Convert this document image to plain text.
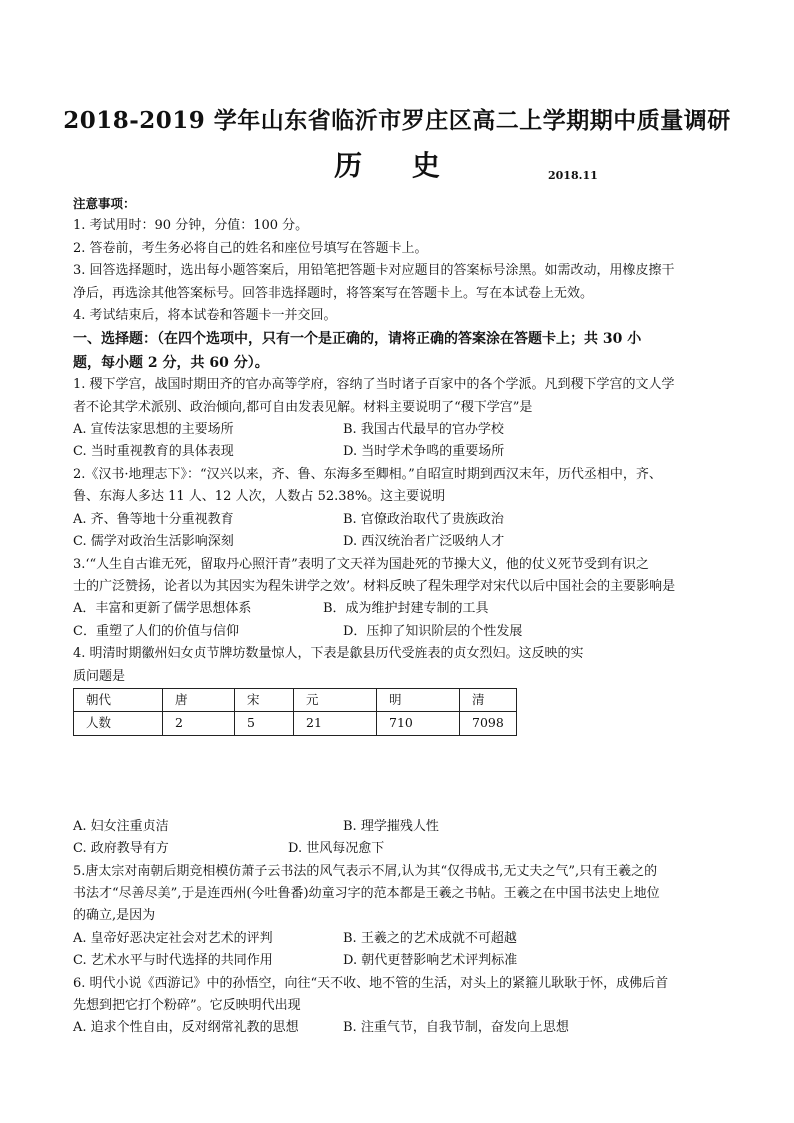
2018-2019 学年山东省临沂市罗庄区高二上学期期中质量调研
历 史	2018.11

注意事项：

1. 考试用时：90 分钟，分值：100 分。

2. 答卷前，考生务必将自己的姓名和座位号填写在答题卡上。

3. 回答选择题时，选出每小题答案后，用铅笔把答题卡对应题目的答案标号涂黑。如需改动，用橡皮擦干

净后，再选涂其他答案标号。回答非选择题时，将答案写在答题卡上。写在本试卷上无效。

4. 考试结束后，将本试卷和答题卡一并交回。

一、选择题：（在四个选项中，只有一个是正确的，请将正确的答案涂在答题卡上；共 30 小

题，每小题 2 分，共 60 分）。

1. 稷下学宫，战国时期田齐的官办高等学府，容纳了当时诸子百家中的各个学派。凡到稷下学宫的文人学

者不论其学术派别、政治倾向,都可自由发表见解。材料主要说明了“稷下学宫”是

A. 宣传法家思想的主要场所	B. 我国古代最早的官办学校
C. 当时重视教育的具体表现	D. 当时学术争鸣的重要场所

2.《汉书·地理志下》：“汉兴以来，齐、鲁、东海多至卿相。”自昭宣时期到西汉末年，历代丞相中，齐、

鲁、东海人多达 11 人、12 人次，人数占 52.38%。这主要说明

A. 齐、鲁等地十分重视教育	B. 官僚政治取代了贵族政治
C. 儒学对政治生活影响深刻	D. 西汉统治者广泛吸纳人才

3.‘“人生自古谁无死，留取丹心照汗青”表明了文天祥为国赴死的节操大义，他的仗义死节受到有识之

士的广泛赞扬，论者以为其因实为程朱讲学之效’。材料反映了程朱理学对宋代以后中国社会的主要影响是

A．丰富和更新了儒学思想体系	B．成为维护封建专制的工具
C．重塑了人们的价值与信仰	D．压抑了知识阶层的个性发展

4. 明清时期徽州妇女贞节牌坊数量惊人，下表是歙县历代受旌表的贞女烈妇。这反映的实

质问题是

朝代	唐	宋	元	明	清
人数	2	5	21	710	7098
A. 妇女注重贞洁	B. 理学摧残人性
C. 政府教导有方	D. 世风每况愈下

5.唐太宗对南朝后期竞相模仿萧子云书法的风气表示不屑,认为其“仅得成书,无丈夫之气”,只有王羲之的

书法才“尽善尽美”,于是连西州(今吐鲁番)幼童习字的范本都是王羲之书帖。王羲之在中国书法史上地位

的确立,是因为

A. 皇帝好恶决定社会对艺术的评判	B. 王羲之的艺术成就不可超越
C. 艺术水平与时代选择的共同作用	D. 朝代更替影响艺术评判标准

6. 明代小说《西游记》中的孙悟空，向往“天不收、地不管的生活，对头上的紧箍儿耿耿于怀，成佛后首

先想到把它打个粉碎”。它反映明代出现

A. 追求个性自由，反对纲常礼教的思想	B. 注重气节，自我节制，奋发向上思想
